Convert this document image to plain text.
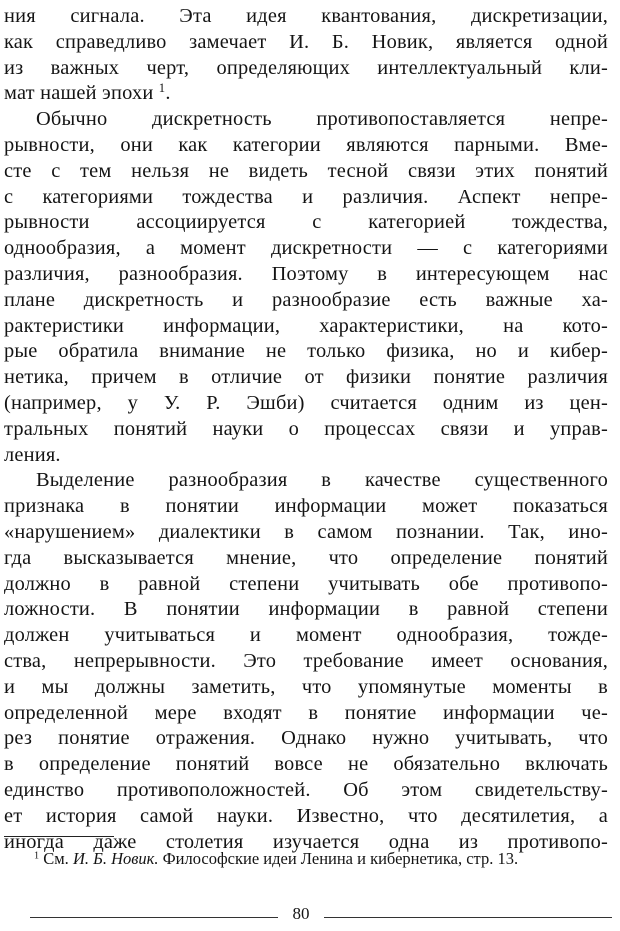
ния сигнала. Эта идея квантования, дискретизации,
как справедливо замечает И. Б. Новик, является одной
из важных черт, определяющих интеллектуальный кли-
мат нашей эпохи $^1$.

Обычно дискретность противопоставляется непре-
рывности, они как категории являются парными. Вме-
сте с тем нельзя не видеть тесной связи этих понятий
с категориями тождества и различия. Аспект непре-
рывности ассоциируется с категорией тождества,
однообразия, а момент дискретности — с категориями
различия, разнообразия. Поэтому в интересующем нас
плане дискретность и разнообразие есть важные ха-
рактеристики информации, характеристики, на кото-
рые обратила внимание не только физика, но и кибер-
нетика, причем в отличие от физики понятие различия
(например, у У. Р. Эшби) считается одним из цен-
тральных понятий науки о процессах связи и управ-
ления.

Выделение разнообразия в качестве существенного
признака в понятии информации может показаться
«нарушением» диалектики в самом познании. Так, ино-
гда высказывается мнение, что определение понятий
должно в равной степени учитывать обе противопо-
ложности. В понятии информации в равной степени
должен учитываться и момент однообразия, тожде-
ства, непрерывности. Это требование имеет основания,
и мы должны заметить, что упомянутые моменты в
определенной мере входят в понятие информации че-
рез понятие отражения. Однако нужно учитывать, что
в определение понятий вовсе не обязательно включать
единство противоположностей. Об этом свидетельству-
ет история самой науки. Известно, что десятилетия, а
иногда даже столетия изучается одна из противопо-

$^1$ См. И. Б. Новик. Философские идеи Ленина и кибернетика, стр. 13.

80
